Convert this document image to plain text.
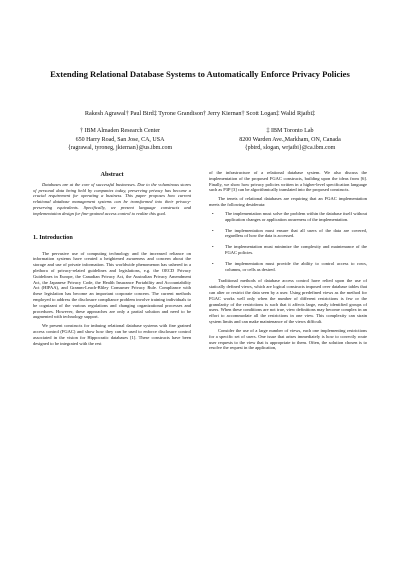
Extending Relational Database Systems to Automatically Enforce Privacy Policies
Rakesh Agrawal† Paul Bird‡ Tyrone Grandison† Jerry Kiernan† Scott Logan‡ Walid Rjaibi‡
† IBM Almaden Research Center
650 Harry Road, San Jose, CA, USA
{ragrawal, tyroneg, jkiernan}@us.ibm.com
‡ IBM Toronto Lab
8200 Warden Ave.,Markham, ON, Canada
{pbird, slogan, wrjaibi}@ca.ibm.com
Abstract

Databases are at the core of successful businesses. Due to the voluminous stores of personal data being held by companies today, preserving privacy has become a crucial requirement for operating a business. This paper proposes how current relational database management systems can be transformed into their privacy-preserving equivalents. Specifically, we present language constructs and implementation design for fine-grained access control to realize this goal.

1. Introduction

The pervasive use of computing technology and the increased reliance on information systems have created a heightened awareness and concern about the storage and use of private information. This worldwide phenomenon has ushered in a plethora of privacy-related guidelines and legislations, e.g. the OECD Privacy Guidelines in Europe, the Canadian Privacy Act, the Australian Privacy Amendment Act, the Japanese Privacy Code, the Health Insurance Portability and Accountability Act (HIPAA), and Gramm-Leach-Bliley Consumer Privacy Rule. Compliance with these legislation has become an important corporate concern. The current methods employed to address the disclosure compliance problem involve training individuals to be cognizant of the various regulations and changing organizational processes and procedures. However, these approaches are only a partial solution and need to be augmented with technology support.

We present constructs for imbuing relational database systems with fine grained access control (FGAC) and show how they can be used to enforce disclosure control associated in the vision for Hippocratic databases [1]. These constructs have been designed to be integrated with the rest

of the infrastructure of a relational database system. We also discuss the implementation of the proposed FGAC constructs, building upon the ideas from [6]. Finally, we show how privacy policies written in a higher-level specification language such as P3P [3] can be algorithmically translated into the proposed constructs.

The tenets of relational databases are requiring that an FGAC implementation meets the following desiderata:

•	The implementation must solve the problem within the database itself without application changes or application awareness of the implementation.
•	The implementation must ensure that all users of the data are covered, regardless of how the data is accessed.
•	The implementation must minimize the complexity and maintenance of the FGAC policies.
•	The implementation must provide the ability to control access to rows, columns, or cells as desired.

Traditional methods of database access control have relied upon the use of statically defined views, which are logical constructs imposed over database tables that can alter or restrict the data seen by a user. Using predefined views as the method for FGAC works well only when the number of different restrictions is few or the granularity of the restrictions is such that it affects large, easily identified groups of users. When these conditions are not true, view definitions may become complex in an effort to accommodate all the restrictions in one view. This complexity can strain system limits and can make maintenance of the views difficult.

Consider the use of a large number of views, each one implementing restrictions for a specific set of users. One issue that arises immediately is how to correctly route user requests to the view that is appropriate to them. Often, the solution chosen is to resolve the request in the application,
